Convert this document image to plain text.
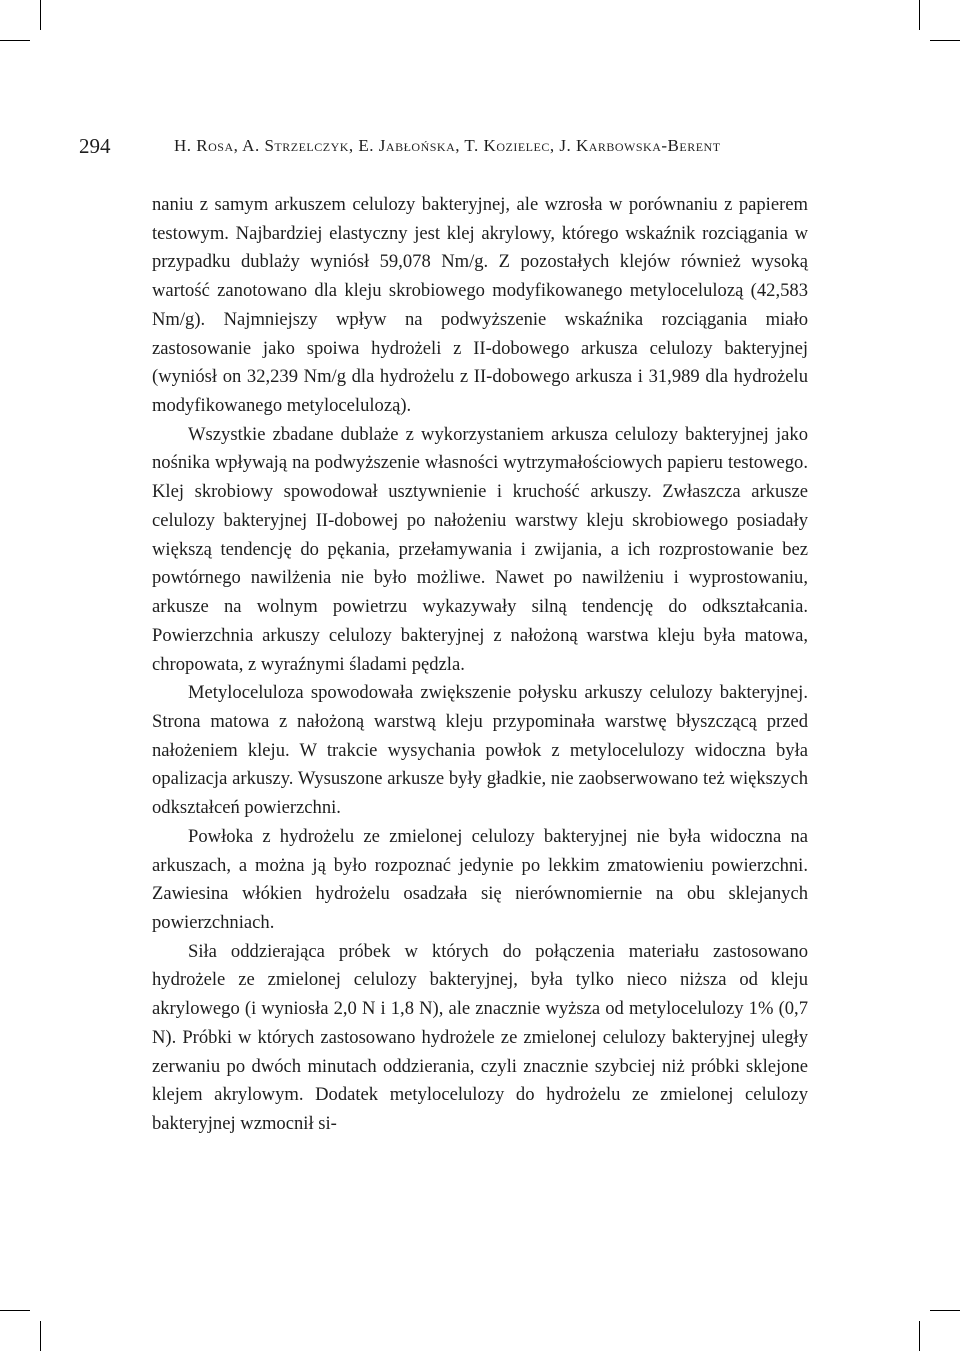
294	H. Rosa, A. Strzelczyk, E. Jabłońska, T. Kozielec, J. Karbowska-Berent

naniu z samym arkuszem celulozy bakteryjnej, ale wzrosła w porównaniu z papierem testowym. Najbardziej elastyczny jest klej akrylowy, którego wskaźnik rozciągania w przypadku dublaży wyniósł 59,078 Nm/g. Z pozostałych klejów również wysoką wartość zanotowano dla kleju skrobiowego modyfikowanego metylocelulozą (42,583 Nm/g). Najmniejszy wpływ na podwyższenie wskaźnika rozciągania miało zastosowanie jako spoiwa hydrożeli z II-dobowego arkusza celulozy bakteryjnej (wyniósł on 32,239 Nm/g dla hydrożelu z II-dobowego arkusza i 31,989 dla hydrożelu modyfikowanego metylocelulozą).

Wszystkie zbadane dublaże z wykorzystaniem arkusza celulozy bakteryjnej jako nośnika wpływają na podwyższenie własności wytrzymałościowych papieru testowego. Klej skrobiowy spowodował usztywnienie i kruchość arkuszy. Zwłaszcza arkusze celulozy bakteryjnej II-dobowej po nałożeniu warstwy kleju skrobiowego posiadały większą tendencję do pękania, przełamywania i zwijania, a ich rozprostowanie bez powtórnego nawilżenia nie było możliwe. Nawet po nawilżeniu i wyprostowaniu, arkusze na wolnym powietrzu wykazywały silną tendencję do odkształcania. Powierzchnia arkuszy celulozy bakteryjnej z nałożoną warstwa kleju była matowa, chropowata, z wyraźnymi śladami pędzla.

Metyloceluloza spowodowała zwiększenie połysku arkuszy celulozy bakteryjnej. Strona matowa z nałożoną warstwą kleju przypominała warstwę błyszczącą przed nałożeniem kleju. W trakcie wysychania powłok z metylocelulozy widoczna była opalizacja arkuszy. Wysuszone arkusze były gładkie, nie zaobserwowano też większych odkształceń powierzchni.

Powłoka z hydrożelu ze zmielonej celulozy bakteryjnej nie była widoczna na arkuszach, a można ją było rozpoznać jedynie po lekkim zmatowieniu powierzchni. Zawiesina włókien hydrożelu osadzała się nierównomiernie na obu sklejanych powierzchniach.

Siła oddzierająca próbek w których do połączenia materiału zastosowano hydrożele ze zmielonej celulozy bakteryjnej, była tylko nieco niższa od kleju akrylowego (i wyniosła 2,0 N i 1,8 N), ale znacznie wyższa od metylocelulozy 1% (0,7 N). Próbki w których zastosowano hydrożele ze zmielonej celulozy bakteryjnej uległy zerwaniu po dwóch minutach oddzierania, czyli znacznie szybciej niż próbki sklejone klejem akrylowym. Dodatek metylocelulozy do hydrożelu ze zmielonej celulozy bakteryjnej wzmocnił si-
